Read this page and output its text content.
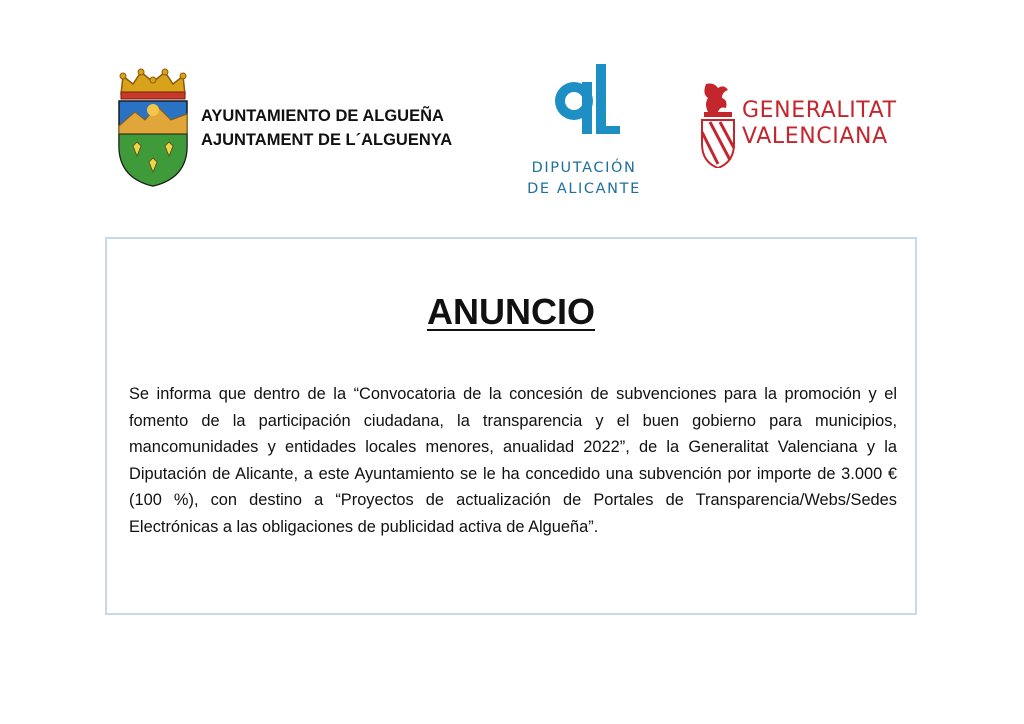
AYUNTAMIENTO DE ALGUEÑA
AJUNTAMENT DE L´ALGUENYA
DIPUTACIÓN
DE ALICANTE
GENERALITAT
VALENCIANA
ANUNCIO

Se informa que dentro de la “Convocatoria de la concesión de subvenciones para la promoción y el fomento de la participación ciudadana, la transparencia y el buen gobierno para municipios, mancomunidades y entidades locales menores, anualidad 2022”, de la Generalitat Valenciana y la Diputación de Alicante, a este Ayuntamiento se le ha concedido una subvención por importe de 3.000 € (100 %), con destino a “Proyectos de actualización de Portales de Transparencia/Webs/Sedes Electrónicas a las obligaciones de publicidad activa de Algueña”.
